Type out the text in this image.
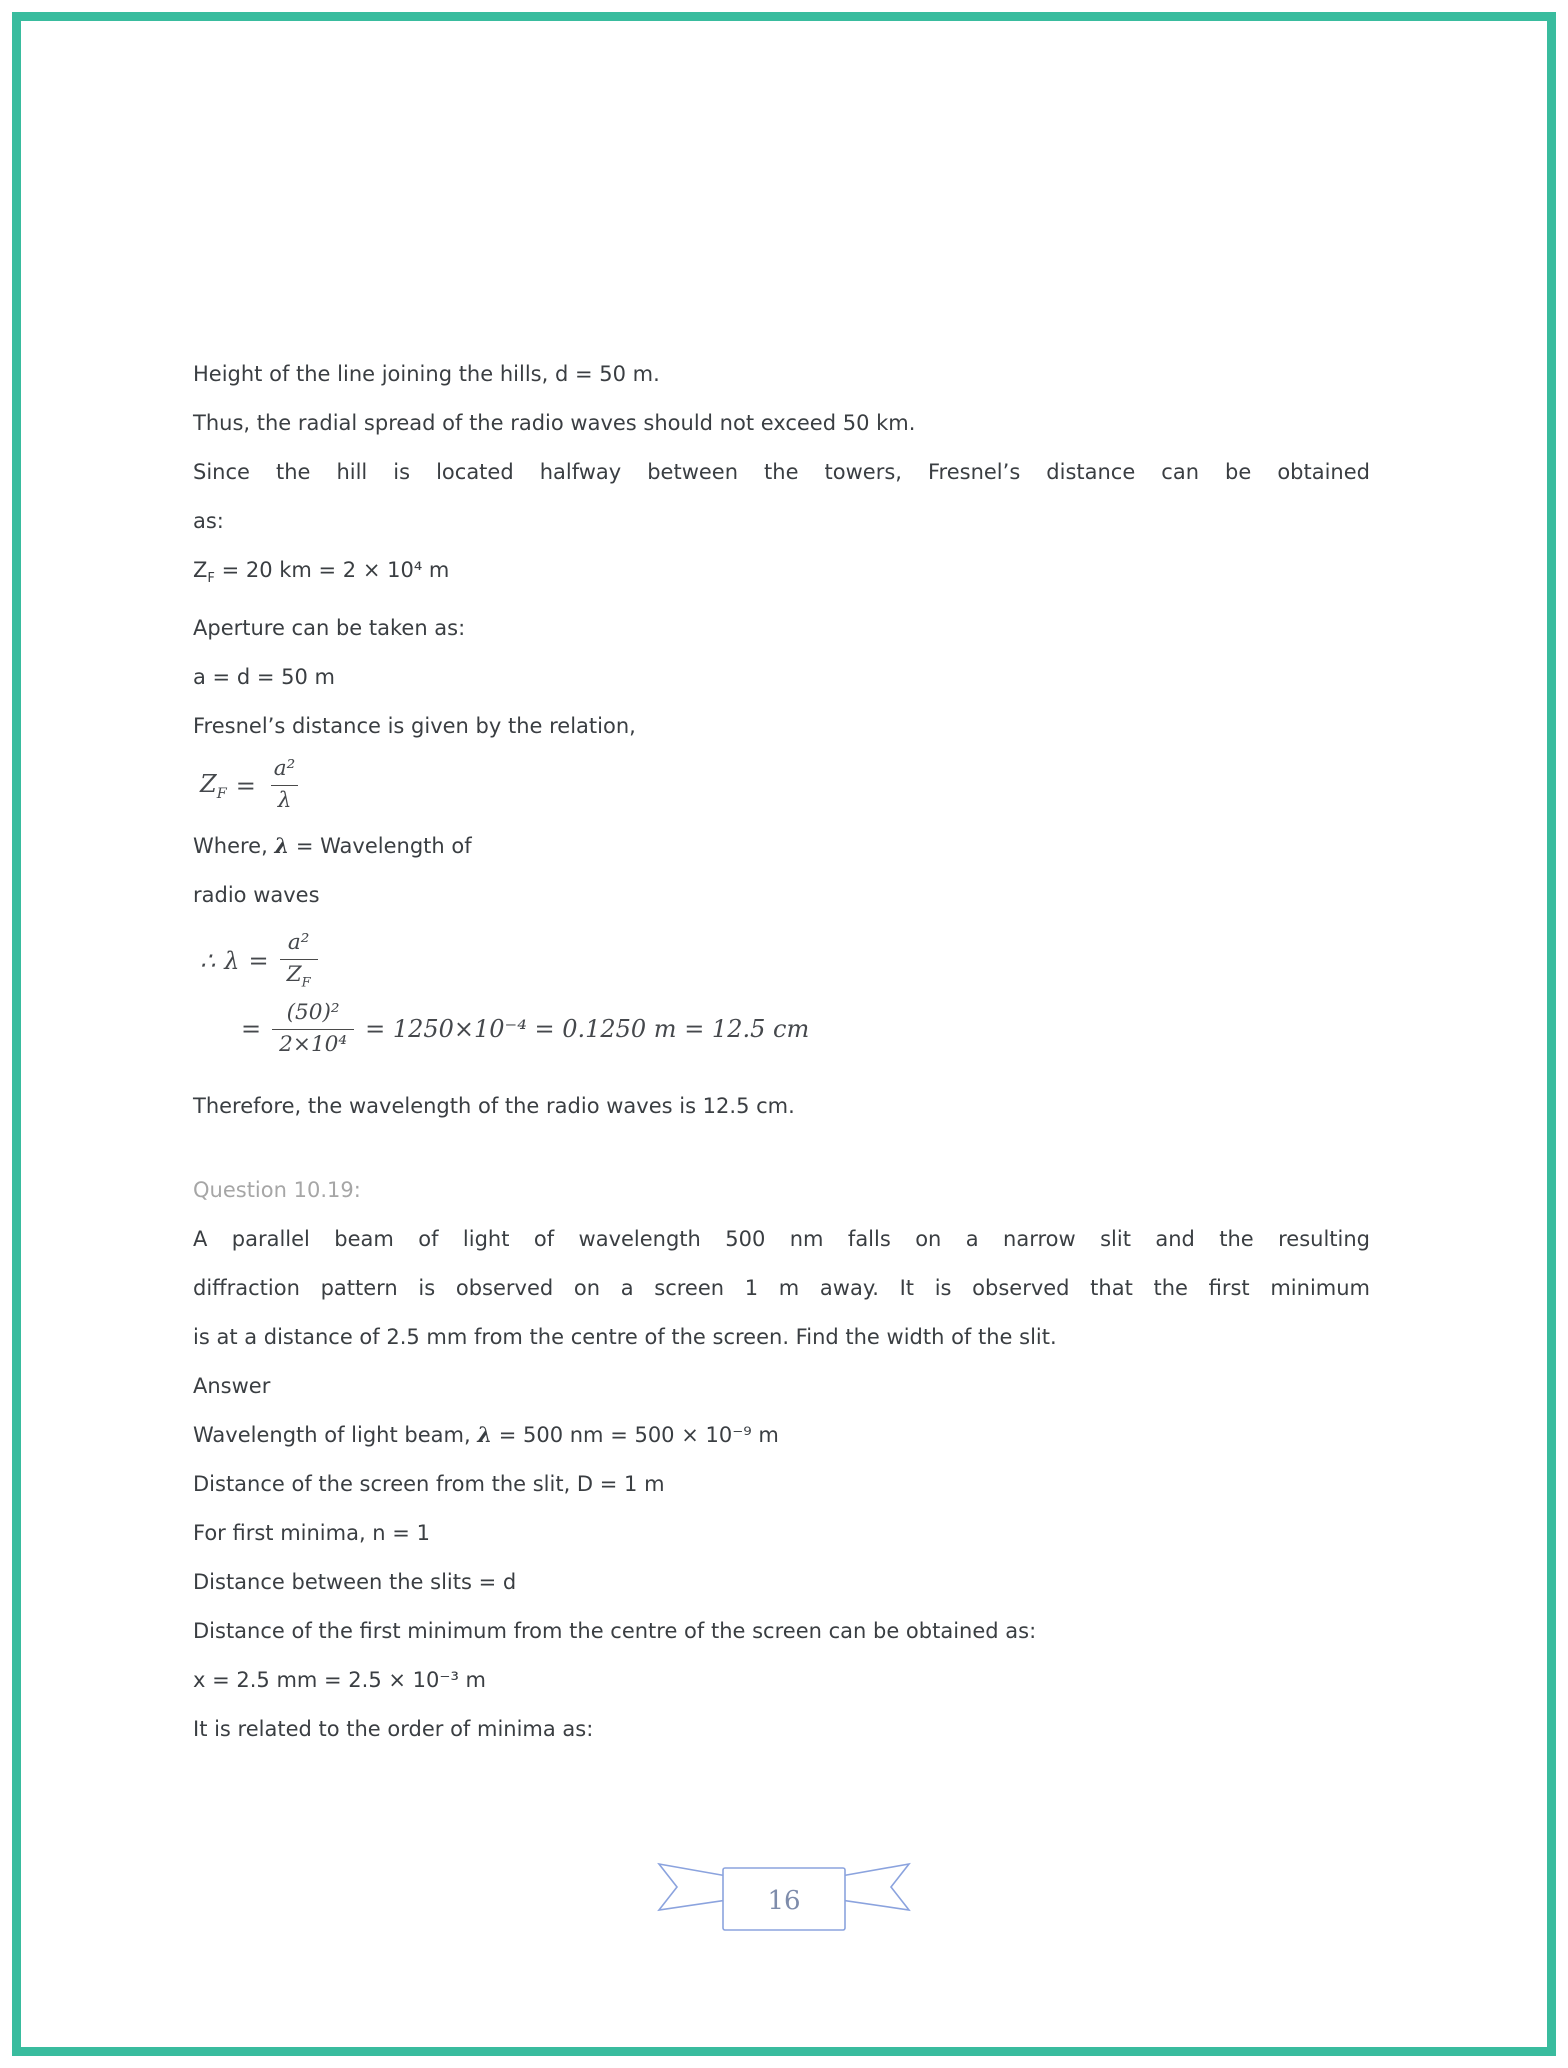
Height of the line joining the hills, d = 50 m.

Thus, the radial spread of the radio waves should not exceed 50 km.

Since the hill is located halfway between the towers, Fresnel’s distance can be obtained

as:

$Z_F = 20$ km = 2 × 10⁴ m

Aperture can be taken as:

a = d = 50 m

Fresnel’s distance is given by the relation,

$Z_F = \frac{\text{a²}}{\lambda}$

Where, λ = Wavelength of

radio waves

∴ $\lambda = \frac{\text{a²}}{Z_F}$
= $\frac{\text{(50)²}}{\text{2×10⁴}} = 1250\times 10^{-4} = 0.1250$ m = 12.5 cm

Therefore, the wavelength of the radio waves is 12.5 cm.

Question 10.19:

A parallel beam of light of wavelength 500 nm falls on a narrow slit and the resulting

diffraction pattern is observed on a screen 1 m away. It is observed that the first minimum

is at a distance of 2.5 mm from the centre of the screen. Find the width of the slit.

Answer

Wavelength of light beam, λ = 500 nm = 500 × 10⁻⁹ m

Distance of the screen from the slit, D = 1 m

For first minima, n = 1

Distance between the slits = d

Distance of the first minimum from the centre of the screen can be obtained as:

x = 2.5 mm = 2.5 × 10⁻³ m

It is related to the order of minima as:

16
